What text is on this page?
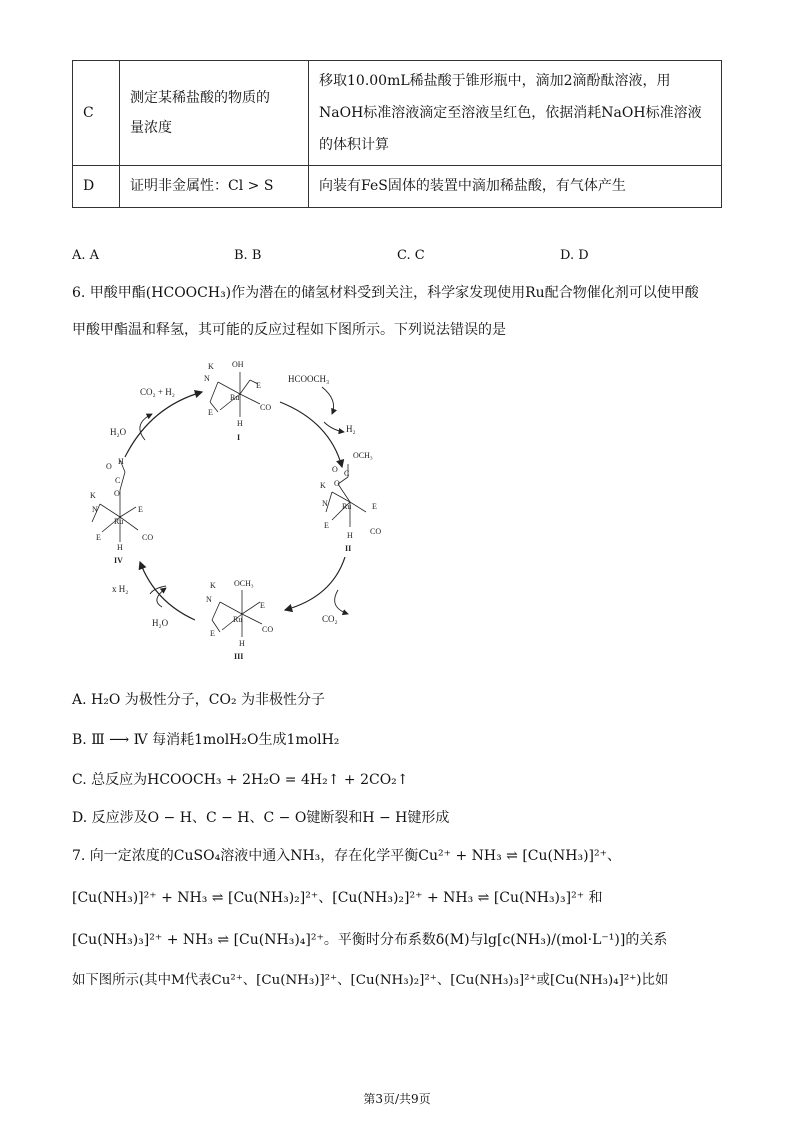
C	测定某稀盐酸的物质的量浓度	移取10.00mL稀盐酸于锥形瓶中，滴加2滴酚酞溶液，用NaOH标准溶液滴定至溶液呈红色，依据消耗NaOH标准溶液的体积计算

D	证明非金属性：Cl > S	向装有FeS固体的装置中滴加稀盐酸，有气体产生
A. A	B. B	C. C	D. D
6. 甲酸甲酯(HCOOCH₃)作为潜在的储氢材料受到关注，科学家发现使用Ru配合物催化剂可以使甲酸
甲酸甲酯温和释氢，其可能的反应过程如下图所示。下列说法错误的是
CO₂ + H₂
HCOOCH₃
H₂
H₂O
CO₂
x H₂
H₂O
OH
K
N
Ru
E
E
CO
H
I
OCH₃
O C
O
K
N Ru	E
E
CO
H
II
OCH₃
K
N
Ru
E
E	CO
H
III
O
H
C
O
K
N
Ru
E
E	CO
H
IV
A. H₂O 为极性分子，CO₂ 为非极性分子
B. Ⅲ ⟶ Ⅳ 每消耗1molH₂O生成1molH₂
C. 总反应为HCOOCH₃ + 2H₂O = 4H₂↑ + 2CO₂↑
D. 反应涉及O − H、C − H、C − O键断裂和H − H键形成
7. 向一定浓度的CuSO₄溶液中通入NH₃，存在化学平衡Cu²⁺ + NH₃ ⇌ [Cu(NH₃)]²⁺、
[Cu(NH₃)]²⁺ + NH₃ ⇌ [Cu(NH₃)₂]²⁺、[Cu(NH₃)₂]²⁺ + NH₃ ⇌ [Cu(NH₃)₃]²⁺ 和
[Cu(NH₃)₃]²⁺ + NH₃ ⇌ [Cu(NH₃)₄]²⁺。平衡时分布系数δ(M)与lg[c(NH₃)/(mol·L⁻¹)]的关系
如下图所示(其中M代表Cu²⁺、[Cu(NH₃)]²⁺、[Cu(NH₃)₂]²⁺、[Cu(NH₃)₃]²⁺或[Cu(NH₃)₄]²⁺)比如
第3页/共9页
